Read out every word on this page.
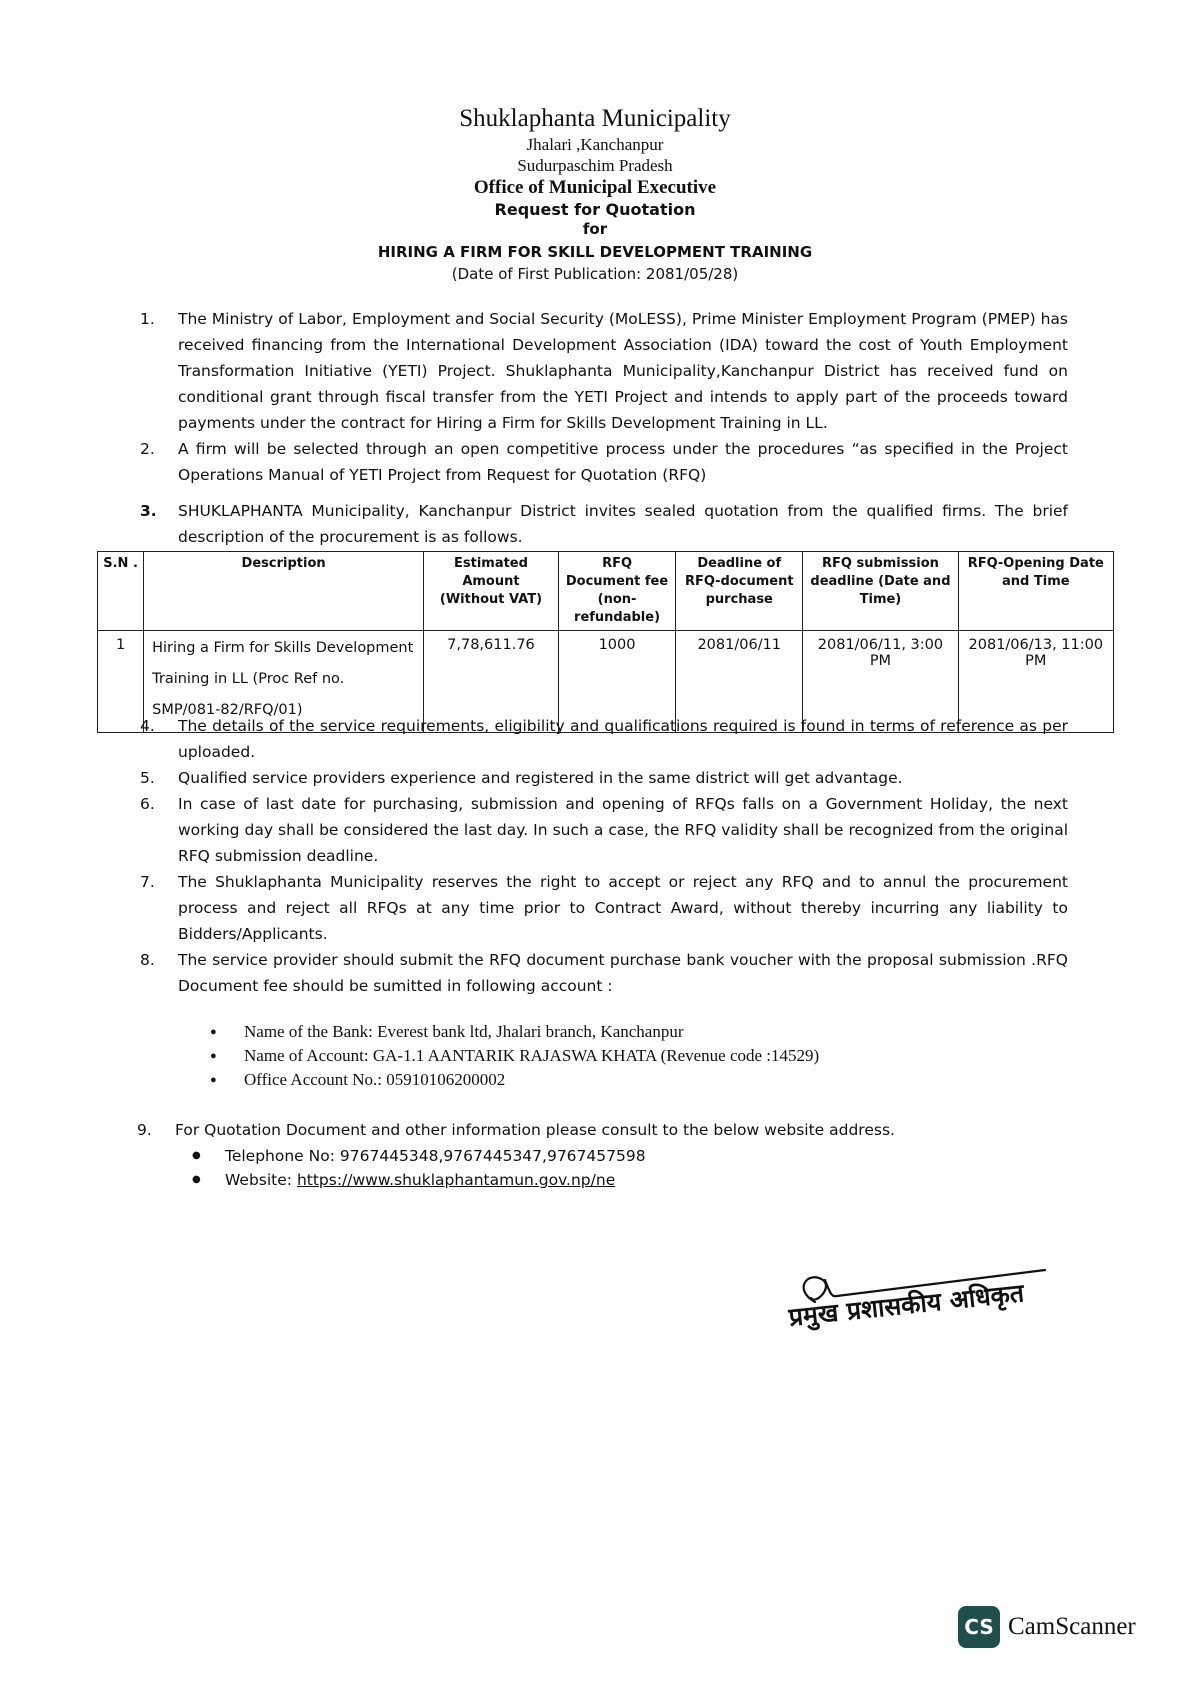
Shuklaphanta Municipality
Jhalari ,Kanchanpur
Sudurpaschim Pradesh
Office of Municipal Executive
Request for Quotation
for
HIRING A FIRM FOR SKILL DEVELOPMENT TRAINING
(Date of First Publication: 2081/05/28)
1.	The Ministry of Labor, Employment and Social Security (MoLESS), Prime Minister Employment Program (PMEP) has received financing from the International Development Association (IDA) toward the cost of Youth Employment Transformation Initiative (YETI) Project. Shuklaphanta Municipality,Kanchanpur District has received fund on conditional grant through fiscal transfer from the YETI Project and intends to apply part of the proceeds toward payments under the contract for Hiring a Firm for Skills Development Training in LL.
2.	A firm will be selected through an open competitive process under the procedures “as specified in the Project Operations Manual of YETI Project from Request for Quotation (RFQ)
3.	SHUKLAPHANTA Municipality, Kanchanpur District invites sealed quotation from the qualified firms. The brief description of the procurement is as follows.
S.N .	Description	Estimated Amount (Without VAT)	RFQ Document fee (non-refundable)	Deadline of RFQ-document purchase	RFQ submission deadline (Date and Time)	RFQ-Opening Date and Time
1	Hiring a Firm for Skills Development Training in LL (Proc Ref no. SMP/081-82/RFQ/01)	7,78,611.76	1000	2081/06/11	2081/06/11, 3:00 PM	2081/06/13, 11:00 PM
4.	The details of the service requirements, eligibility and qualifications required is found in terms of reference as per uploaded.
5.	Qualified service providers experience and registered in the same district will get advantage.
6.	In case of last date for purchasing, submission and opening of RFQs falls on a Government Holiday, the next working day shall be considered the last day. In such a case, the RFQ validity shall be recognized from the original RFQ submission deadline.
7.	The Shuklaphanta Municipality reserves the right to accept or reject any RFQ and to annul the procurement process and reject all RFQs at any time prior to Contract Award, without thereby incurring any liability to Bidders/Applicants.
8.	The service provider should submit the RFQ document purchase bank voucher with the proposal submission .RFQ Document fee should be sumitted in following account :
● Name of the Bank: Everest bank ltd, Jhalari branch, Kanchanpur
● Name of Account: GA-1.1 AANTARIK RAJASWA KHATA (Revenue code :14529)
● Office Account No.: 05910106200002
9.	For Quotation Document and other information please consult to the below website address.
● Telephone No: 9767445348,9767445347,9767457598
● Website: https://www.shuklaphantamun.gov.np/ne
प्रमुख प्रशासकीय अधिकृत
CS CamScanner
